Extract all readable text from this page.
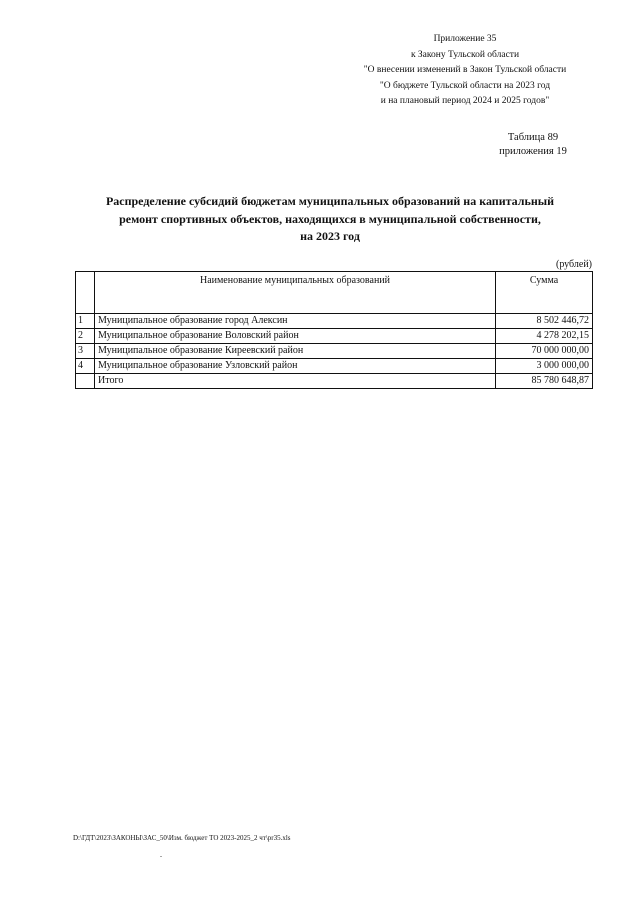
Приложение 35
к Закону Тульской области
"О внесении изменений в Закон Тульской области
"О бюджете Тульской области на 2023 год
и на плановый период 2024 и 2025 годов"
Таблица 89
приложения 19
Распределение субсидий бюджетам муниципальных образований на капитальный
ремонт спортивных объектов, находящихся в муниципальной собственности,
на 2023 год
(рублей)
	Наименование муниципальных образований	Сумма
1	Муниципальное образование город Алексин	8 502 446,72
2	Муниципальное образование Воловский район	4 278 202,15
3	Муниципальное образование Киреевский район	70 000 000,00
4	Муниципальное образование Узловский район	3 000 000,00
	Итого	85 780 648,87
D:\ГДТ\2023\ЗАКОНЫ\ЗАС_50\Изм. бюджет ТО 2023-2025_2 чт\pr35.xls
.
